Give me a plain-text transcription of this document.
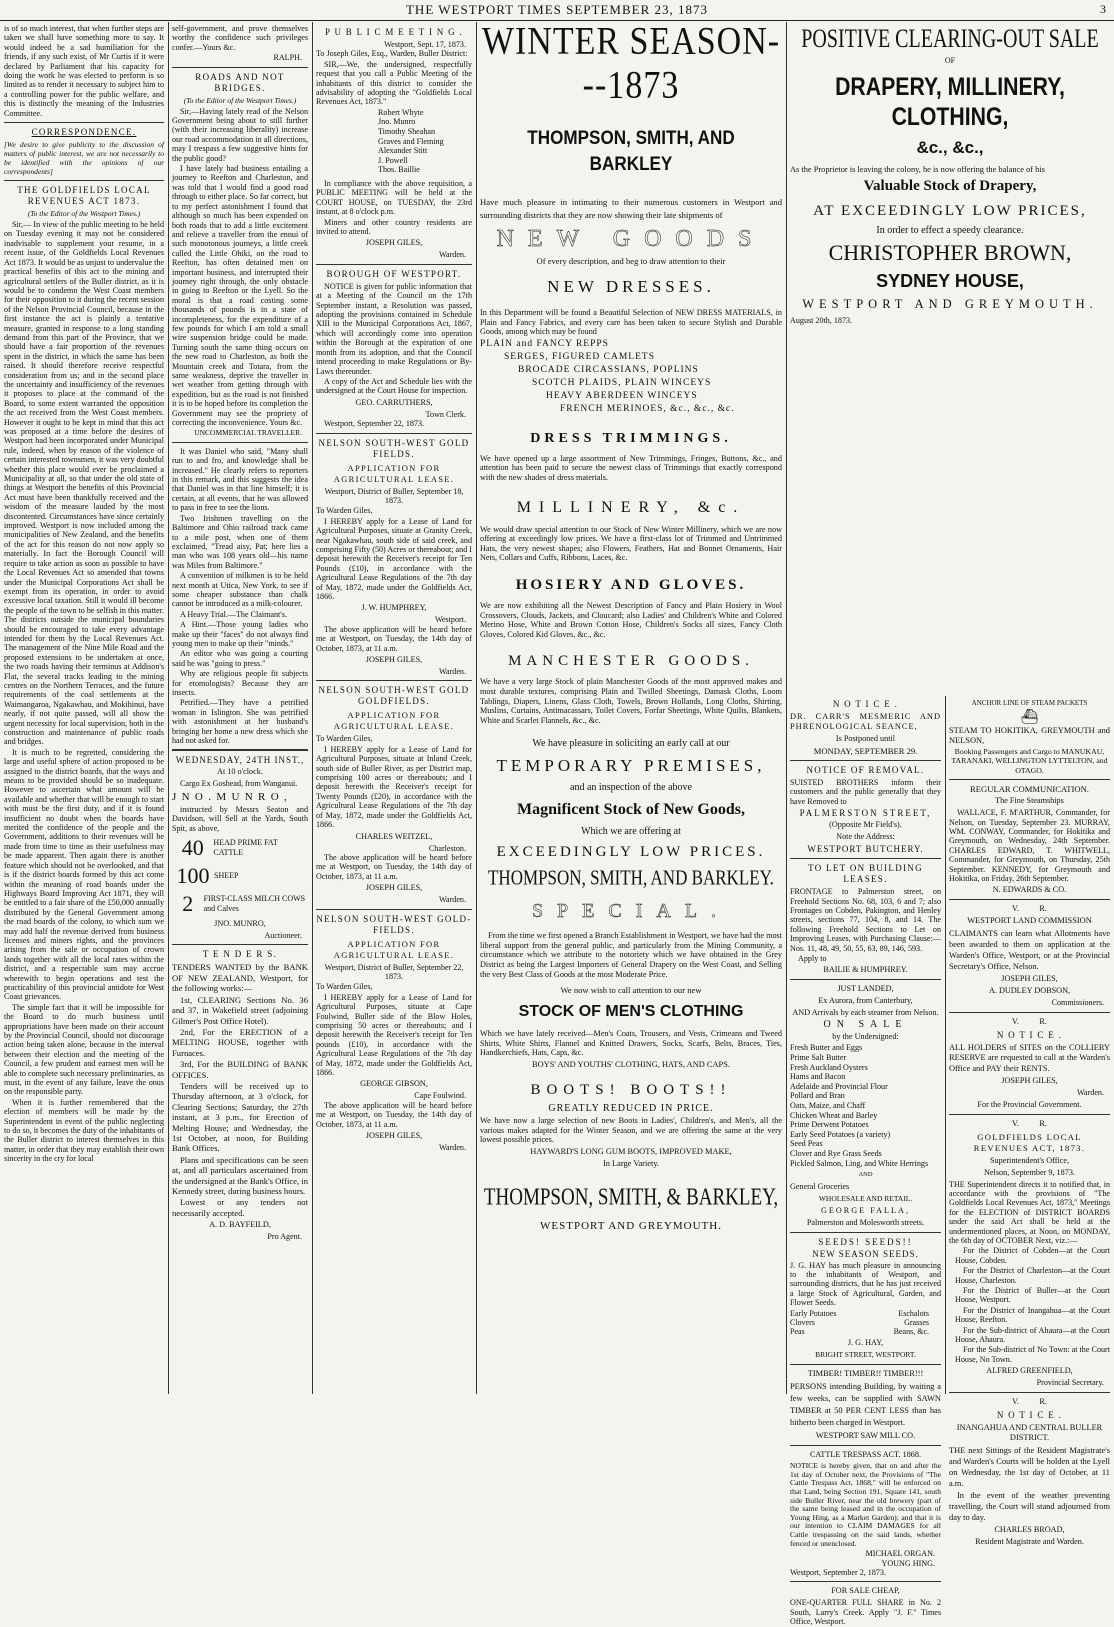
THE WESTPORT TIMES SEPTEMBER 23, 1873	3

is of so much interest, that when further steps are taken we shall have something more to say. It would indeed be a sad humiliation for the friends, if any such exist, of Mr Curtis if it were declared by Parliament that his capacity for doing the work he was elected to perform is so limited as to render it necessary to subject him to a controlling power for the public welfare, and this is distinctly the meaning of the Industries Committee.

CORRESPONDENCE.

[We desire to give publicity to the discussion of matters of public interest, we are not necessarily to be identified with the opinions of our correspondents]

THE GOLDFIELDS LOCAL REVENUES ACT 1873.

(To the Editor of the Westport Times.)

Sir,— In view of the public meeting to be held on Tuesday evening it may not be considered inadvisable to supplement your resume, in a recent issue, of the Goldfields Local Revenues Act 1873. It would be as unjust to undervalue the practical benefits of this act to the mining and agricultural settlers of the Buller district, as it is would be to condemn the West Coast members for their opposition to it during the recent session of the Nelson Provincial Council, because in the first instance the act is plainly a tentative measure, granted in response to a long standing demand from this part of the Province, that we should have a fair proportion of the revenues spent in the district, in which the same has been raised. It should therefore receive respectful consideration from us; and in the second place the uncertainty and insufficiency of the revenues it proposes to place at the command of the Board, to some extent warranted the opposition the act received from the West Coast members. However it ought to be kept in mind that this act was proposed at a time before the desires of Westport had been incorporated under Municipal rule, indeed, when by reason of the violence of certain interested townsmen, it was very doubtful whether this place would ever be proclaimed a Municipality at all, so that under the old state of things at Westport the benefits of this Provincial Act must have been thankfully received and the wisdom of the measure lauded by the most discontented. Circumstances have since certainly improved. Westport is now included among the municipalities of New Zealand, and the benefits of the act for this reason do not now apply so materially. In fact the Borough Council will require to take action as soon as possible to have the Local Revenues Act so amended that towns under the Municipal Corporations Act shall be exempt from its operation, in order to avoid excessive local taxation. Still it would ill become the people of the town to be selfish in this matter. The districts outside the municipal boundaries should be encouraged to take every advantage intended for them by the Local Revenues Act. The management of the Nine Mile Road and the proposed extensions to be undertaken at once, the two roads having their terminus at Addison's Flat, the several tracks leading to the mining centres on the Northern Terraces, and the future requirements of the coal settlements at the Waimangaroa, Ngakawhau, and Mokihinui, have nearly, if not quite passed, will all show the urgent necessity for local supervision, both in the construction and maintenance of public roads and bridges.

It is much to be regretted, considering the large and useful sphere of action proposed to be assigned to the district boards, that the ways and means to be provided should be so inadequate. However to ascertain what amount will be available and whether that will be enough to start with must be the first duty, and if it is found insufficient no doubt when the boards have merited the confidence of the people and the Government, additions to their revenues will be made from time to time as their usefulness may be made apparent. Then again there is another feature which should not be overlooked, and that is if the district boards formed by this act come within the meaning of road boards under the Highways Board Improving Act 1871, they will be entitled to a fair share of the £50,000 annually distributed by the General Government among the road boards of the colony, to which sum we may add half the revenue derived from business licenses and miners rights, and the provinces arising from the sale or occupation of crown lands together with all the local rates within the district, and a respectable sum may accrue wherewith to begin operations and test the practicability of this provincial antidote for West Coast grievances.

The simple fact that it will be impossible for the Board to do much business until appropriations have been made on their account by the Provincial Council, should not discourage action being taken alone, because in the interval between their election and the meeting of the Council, a few prudent and earnest men will be able to complete such necessary preliminaries, as must, in the event of any failure, leave the onus on the responsible party.

When it is further remembered that the election of members will be made by the Superintendent in event of the public neglecting to do so, it becomes the duty of the inhabitants of the Buller district to interest themselves in this matter, in order that they may establish their own sincerity in the cry for local

self-government, and prove themselves worthy the confidence such privileges confer.—Yours &c.

RALPH.
ROADS AND NOT BRIDGES.

(To the Editor of the Westport Times.)

Sir,—Having lately read of the Nelson Government being about to still further (with their increasing liberality) increase our road accommodation in all directions, may I trespass a few suggestive hints for the public good?

I have lately had business entailing a journey to Reefton and Charleston, and was told that I would find a good road through to either place. So far correct, but to my perfect astonishment I found that although so much has been expended on both roads that to add a little excitement and relieve a traveller from the ennui of such monotonous journeys, a little creek called the Little Ohiki, on the road to Reefton, has often detained men on important business, and interrupted their journey right through, the only obstacle in going to Reefton or the Lyell. So the moral is that a road costing some thousands of pounds is in a state of incompleteness, for the expenditure of a few pounds for which I am told a small wire suspension bridge could be made. Turning south the same thing occurs on the new road to Charleston, as both the Mountain creek and Totara, from the same weakness, deprive the traveller in wet weather from getting through with expedition, but as the road is not finished it is to be hoped before its completion the Government may see the propriety of correcting the inconvenience. Yours &c.

UNCOMMERCIAL TRAVELLER.

It was Daniel who said, "Many shall run to and fro, and knowledge shall be increased." He clearly refers to reporters in this remark, and this suggests the idea that Daniel was in that line himself; it is certain, at all events, that he was allowed to pass in free to see the lions.

Two Irishmen travelling on the Baltimore and Ohio railroad track came to a mile post, when one of them exclaimed, "Tread aisy, Pat; here lies a man who was 108 years old—his name was Miles from Baltimore."

A convention of milkmen is to be held next month at Utica, New York, to see if some cheaper substance than chalk cannot be introduced as a milk-colourer.

A Heavy Trial.—The Claimant's.

A Hint.—Those young ladies who make up their "faces" do not always find young men to make up their "minds."

An editor who was going a courting said he was "going to press."

Why are religious people fit subjects for etomologists? Because they are insects.

Petrified.—They have a petrified woman in Islington. She was petrified with astonishment at her husband's bringing her home a new dress which she had not asked for.

WEDNESDAY, 24TH INST.,
At 10 o'clock.

Cargo Ex Goshead, from Wanganui.

J N O . M U N R O ,

instructed by Messrs Seaton and Davidson, will Sell at the Yards, South Spit, as above,

40	HEAD PRIME FAT CATTLE
100 SHEEP
2	FIRST-CLASS MILCH COWS and Calves
JNO. MUNRO,
Auctioneer.
T E N D E R S.

TENDERS WANTED by the BANK OF NEW ZEALAND, Westport, for the following works:—

1st, CLEARING Sections No. 36 and 37, in Wakefield street (adjoining Gilmer's Post Office Hotel).

2nd, For the ERECTION of a MELTING HOUSE, together with Furnaces.

3rd, For the BUILDING of BANK OFFICES.

Tenders will be received up to Thursday afternoon, at 3 o'clock, for Clearing Sections; Saturday, the 27th instant, at 3 p.m., for Erection of Melting House; and Wednesday, the 1st October, at noon, for Building Bank Offices.

Plans and specifications can be seen at, and all particulars ascertained from the undersigned at the Bank's Office, in Kennedy street, during business hours.

Lowest or any tenders not necessarily accepted.

A. D. BAYFEILD,
Pro Agent.
P U B L I C M E E T I N G .
Westport, Sept. 17, 1873.

To Joseph Giles, Esq., Warden, Buller District:

SIR,—We, the undersigned, respectfully request that you call a Public Meeting of the inhabitants of this district to consider the advisability of adopting the "Goldfields Local Revenues Act, 1873."

Robert Whyte
Jno. Munro
Timothy Sheahan
Graves and Fleming
Alexander Stitt
J. Powell
Thos. Baillie

In compliance with the above requisition, a PUBLIC MEETING will be held at the COURT HOUSE, on TUESDAY, the 23rd instant, at 8 o'clock p.m.

Miners and other country residents are invited to attend.

JOSEPH GILES,
Warden.
BOROUGH OF WESTPORT.

NOTICE is given for public information that at a Meeting of the Council on the 17th September instant, a Resolution was passed, adopting the provisions contained in Schedule XIII to the Municipal Corporations Act, 1867, which will accordingly come into operation within the Borough at the expiration of one month from its adoption, and that the Council intend proceeding to make Regulations or By-Laws thereunder.

A copy of the Act and Schedule lies with the undersigned at the Court House for inspection.

GEO. CARRUTHERS,
Town Clerk.

Westport, September 22, 1873.

NELSON SOUTH-WEST GOLD FIELDS.
APPLICATION FOR AGRICULTURAL LEASE.

Westport, District of Buller, September 18, 1873.

To Warden Giles,

I HEREBY apply for a Lease of Land for Agricultural Purposes, situate at Granity Creek, near Ngakawhau, south side of said creek, and comprising Fifty (50) Acres or thereabout; and I deposit herewith the Receiver's receipt for Ten Pounds (£10), in accordance with the Agricultural Lease Regulations of the 7th day of May, 1872, made under the Goldfields Act, 1866.

J. W. HUMPHREY,
Westport.

The above application will be heard before me at Westport, on Tuesday, the 14th day of October, 1873, at 11 a.m.

JOSEPH GILES,
Warden.
NELSON SOUTH-WEST GOLD GOLDFIELDS.
APPLICATION FOR AGRICULTURAL LEASE.

To Warden Giles,

I HEREBY apply for a Lease of Land for Agricultural Purposes, situate at Inland Creek, south side of Buller River, as per District map, comprising 100 acres or thereabouts; and I deposit herewith the Receiver's receipt for Twenty Pounds (£20), in accordance with the Agricultural Lease Regulations of the 7th day of May, 1872, made under the Goldfields Act, 1866.

CHARLES WEITZEL,
Charleston.

The above application will be heard before me at Westport, on Tuesday, the 14th day of October, 1873, at 11 a.m.

JOSEPH GILES,
Warden.
NELSON SOUTH-WEST GOLD-FIELDS.
APPLICATION FOR AGRICULTURAL LEASE.

Westport, District of Buller, September 22, 1873.

To Warden Giles,

I HEREBY apply for a Lease of Land for Agricultural Purposes, situate at Cape Foulwind, Buller side of the Blow Holes, comprising 50 acres or thereabouts; and I deposit herewith the Receiver's receipt for Ten pounds (£10), in accordance with the Agricultural Lease Regulations of the 7th day of May, 1872, made under the Goldfields Act, 1866.

GEORGE GIBSON,
Cape Foulwind.

The above application will be heard before me at Westport, on Tuesday, the 14th day of October, 1873, at 11 a.m.

JOSEPH GILES,
Warden.
WINTER SEASON---1873
THOMPSON, SMITH, AND BARKLEY

Have much pleasure in intimating to their numerous customers in Westport and surrounding districts that they are now showing their late shipments of

NEW GOODS
Of every description, and beg to draw attention to their
NEW DRESSES.

In this Department will be found a Beautiful Selection of NEW DRESS MATERIALS, in Plain and Fancy Fabrics, and every care has been taken to secure Stylish and Durable Goods, among which may be found

PLAIN and FANCY REPPS
SERGES, FIGURED CAMLETS
BROCADE CIRCASSIANS, POPLINS
SCOTCH PLAIDS, PLAIN WINCEYS
HEAVY ABERDEEN WINCEYS
FRENCH MERINOES, &c., &c., &c.
DRESS TRIMMINGS.

We have opened up a large assortment of New Trimmings, Fringes, Buttons, &c., and attention has been paid to secure the newest class of Trimmings that exactly correspond with the new shades of dress materials.

MILLINERY, &c.

We would draw special attention to our Stock of New Winter Millinery, which we are now offering at exceedingly low prices. We have a first-class lot of Trimmed and Untrimmed Hats, the very newest shapes; also Flowers, Feathers, Hat and Bonnet Ornaments, Hair Nets, Collars and Cuffs, Ribbons, Laces, &c.

HOSIERY AND GLOVES.

We are now exhibiting all the Newest Description of Fancy and Plain Hosiery in Wool Crossovers, Clouds, Jackets, and Cloucard; also Ladies' and Children's White and Colored Merino Hose, White and Brown Cotton Hose, Children's Socks all sizes, Fancy Cloth Gloves, Colored Kid Gloves, &c., &c.

MANCHESTER GOODS.

We have a very large Stock of plain Manchester Goods of the most approved makes and most durable textures, comprising Plain and Twilled Sheetings, Damask Cloths, Loom Tablings, Diapers, Linens, Glass Cloth, Towels, Brown Hollands, Long Cloths, Shirting, Muslins, Curtains, Antimacassars, Toilet Covers, Forfar Sheetings, White Quilts, Blankets, White and Scarlet Flannels, &c., &c.

We have pleasure in soliciting an early call at our
TEMPORARY PREMISES,
and an inspection of the above
Magnificent Stock of New Goods,
Which we are offering at
EXCEEDINGLY LOW PRICES.
THOMPSON, SMITH, AND BARKLEY.
SPECIAL.

From the time we first opened a Branch Establishment in Westport, we have had the most liberal support from the general public, and particularly from the Mining Community, a circumstance which we attribute to the notoriety which we have obtained in the Grey District as being the Largest Importers of General Drapery on the West Coast, and Selling the very Best Class of Goods at the most Moderate Price.

We now wish to call attention to our new
STOCK OF MEN'S CLOTHING

Which we have lately received—Men's Coats, Trousers, and Vests, Crimeans and Tweed Shirts, White Shirts, Flannel and Knitted Drawers, Socks, Scarfs, Belts, Braces, Ties, Handkerchiefs, Hats, Caps, &c.

BOYS' AND YOUTHS' CLOTHING, HATS, AND CAPS.
BOOTS! BOOTS!!
GREATLY REDUCED IN PRICE.

We have now a large selection of new Boots in Ladies', Children's, and Men's, all the various makes adapted for the Winter Season, and we are offering the same at the very lowest possible prices.

HAYWARD'S LONG GUM BOOTS, IMPROVED MAKE,
In Large Variety.
THOMPSON, SMITH, & BARKLEY,
WESTPORT AND GREYMOUTH.
POSITIVE CLEARING-OUT SALE
OF
DRAPERY, MILLINERY, CLOTHING,
&c., &c.,

As the Proprietor is leaving the colony, he is now offering the balance of his

Valuable Stock of Drapery,
AT EXCEEDINGLY LOW PRICES,
In order to effect a speedy clearance.
CHRISTOPHER BROWN,
SYDNEY HOUSE,
WESTPORT AND GREYMOUTH.

August 20th, 1873.

N O T I C E .

DR. CARR'S MESMERIC AND PHRENOLOGICAL SEANCE,

Is Postponed until
MONDAY, SEPTEMBER 29.
NOTICE OF REMOVAL.

SUISTED BROTHERS inform their customers and the public generally that they have Removed to

PALMERSTON STREET,
(Opposite Mr Field's).
Note the Address:
WESTPORT BUTCHERY.
TO LET ON BUILDING LEASES.

FRONTAGE to Palmerston street, on Freehold Sections No. 68, 103, 6 and 7; also Frontages on Cobden, Pakington, and Henley streets, sections 77, 104, 8, and 14. The following Freehold Sections to Let on Improving Leases, with Purchasing Clause:—Nos. 11, 48, 49, 50, 55, 63, 89, 146, 593.

Apply to

BAILIE & HUMPHREY.
JUST LANDED,
Ex Aurora, from Canterbury,
AND Arrivals by each steamer from Nelson.
ON SALE
by the Undersigned:
Fresh Butter and Eggs
Prime Salt Butter
Fresh Auckland Oysters
Hams and Bacon
Adelaide and Provincial Flour
Pollard and Bran
Oats, Maize, and Chaff
Chicken Wheat and Barley
Prime Derwent Potatoes
Early Seed Potatoes (a variety)
Seed Peas
Clover and Rye Grass Seeds
Pickled Salmon, Ling, and White Herrings
AND
General Groceries
WHOLESALE AND RETAIL.
GEORGE FALLA,
Palmerston and Molesworth streets.
SEEDS! SEEDS!!
NEW SEASON SEEDS.

J. G. HAY has much pleasure in announcing to the inhabitants of Westport, and surrounding districts, that he has just received a large Stock of Agricultural, Garden, and Flower Seeds.

Early Potatoes	Eschalots
Clovers	Grasses
Peas	Beans, &c.
J. G. HAY,
BRIGHT STREET, WESTPORT.
TIMBER! TIMBER!! TIMBER!!!

PERSONS intending Building, by waiting a few weeks, can be supplied with SAWN TIMBER at 50 PER CENT LESS than has hitherto been charged in Westport.

WESTPORT SAW MILL CO.
CATTLE TRESPASS ACT. 1868.

NOTICE is hereby given, that on and after the 1st day of October next, the Provisions of "The Cattle Trespass Act, 1868," will be enforced on that Land, being Section 191, Square 141, south side Buller River, near the old brewery (part of the same being leased and in the occupation of Young Hing, as a Market Garden); and that it is our intention to CLAIM DAMAGES for all Cattle trespassing on the said lands, whether fenced or unenclosed.

MICHAEL ORGAN.
YOUNG HING.
Westport, September 2, 1873.
FOR SALE CHEAP,

ONE-QUARTER FULL SHARE in No. 2 South, Larry's Creek. Apply "J. F." Times Office, Westport.

ANCHOR LINE OF STEAM PACKETS
⛴

STEAM TO HOKITIKA, GREYMOUTH and NELSON,

Booking Passengers and Cargo to MANUKAU, TARANAKI, WELLINGTON LYTTELTON, and OTAGO.

REGULAR COMMUNICATION.
The Fine Steamships

WALLACE, F. M'ARTHUR, Commander, for Nelson, on Tuesday, September 23. MURRAY, WM. CONWAY, Commander, for Hokitika and Greymouth, on Wednesday, 24th September. CHARLES EDWARD, T. WHITWELL, Commander, for Greymouth, on Thursday, 25th September. KENNEDY, for Greymouth and Hokitika, on Friday, 26th September.

N. EDWARDS & CO.
V.          R.
WESTPORT LAND COMMISSION

CLAIMANTS can learn what Allotments have been awarded to them on application at the Warden's Office, Westport, or at the Provincial Secretary's Office, Nelson.

JOSEPH GILES,
A. DUDLEY DOBSON,
Commissioners.
V.          R.
N O T I C E .

ALL HOLDERS of SITES on the COLLIERY RESERVE are requested to call at the Warden's Office and PAY their RENTS.

JOSEPH GILES,
Warden.
For the Provincial Government.
V.          R.
GOLDFIELDS LOCAL REVENUES ACT, 1873.
Superintendent's Office,
Nelson, September 9, 1873.

THE Superintendent directs it to notified that, in accordance with the provisions of "The Goldfields Local Revenues Act, 1873," Meetings for the ELECTION of DISTRICT BOARDS under the said Act shall be held at the undermentioned places, at Noon, on MONDAY, the 6th day of OCTOBER Next, viz.:—

For the District of Cobden—at the Court House, Cobden.

For the District of Charleston—at the Court House, Charleston.

For the District of Buller—at the Court House, Westport.

For the District of Inangahua—at the Court House, Reefton.

For the Sub-district of Ahaura—at the Court House, Ahaura.

For the Sub-district of No Town: at the Court House, No Town.

ALFRED GREENFIELD,
Provincial Secretary.
V.          R.
N O T I C E .
INANGAHUA AND CENTRAL BULLER DISTRICT.

THE next Sittings of the Resident Magistrate's and Warden's Courts will be holden at the Lyell on Wednesday, the 1st day of October, at 11 a.m.

In the event of the weather preventing travelling, the Court will stand adjourned from day to day.

CHARLES BROAD,
Resident Magistrate and Warden.
